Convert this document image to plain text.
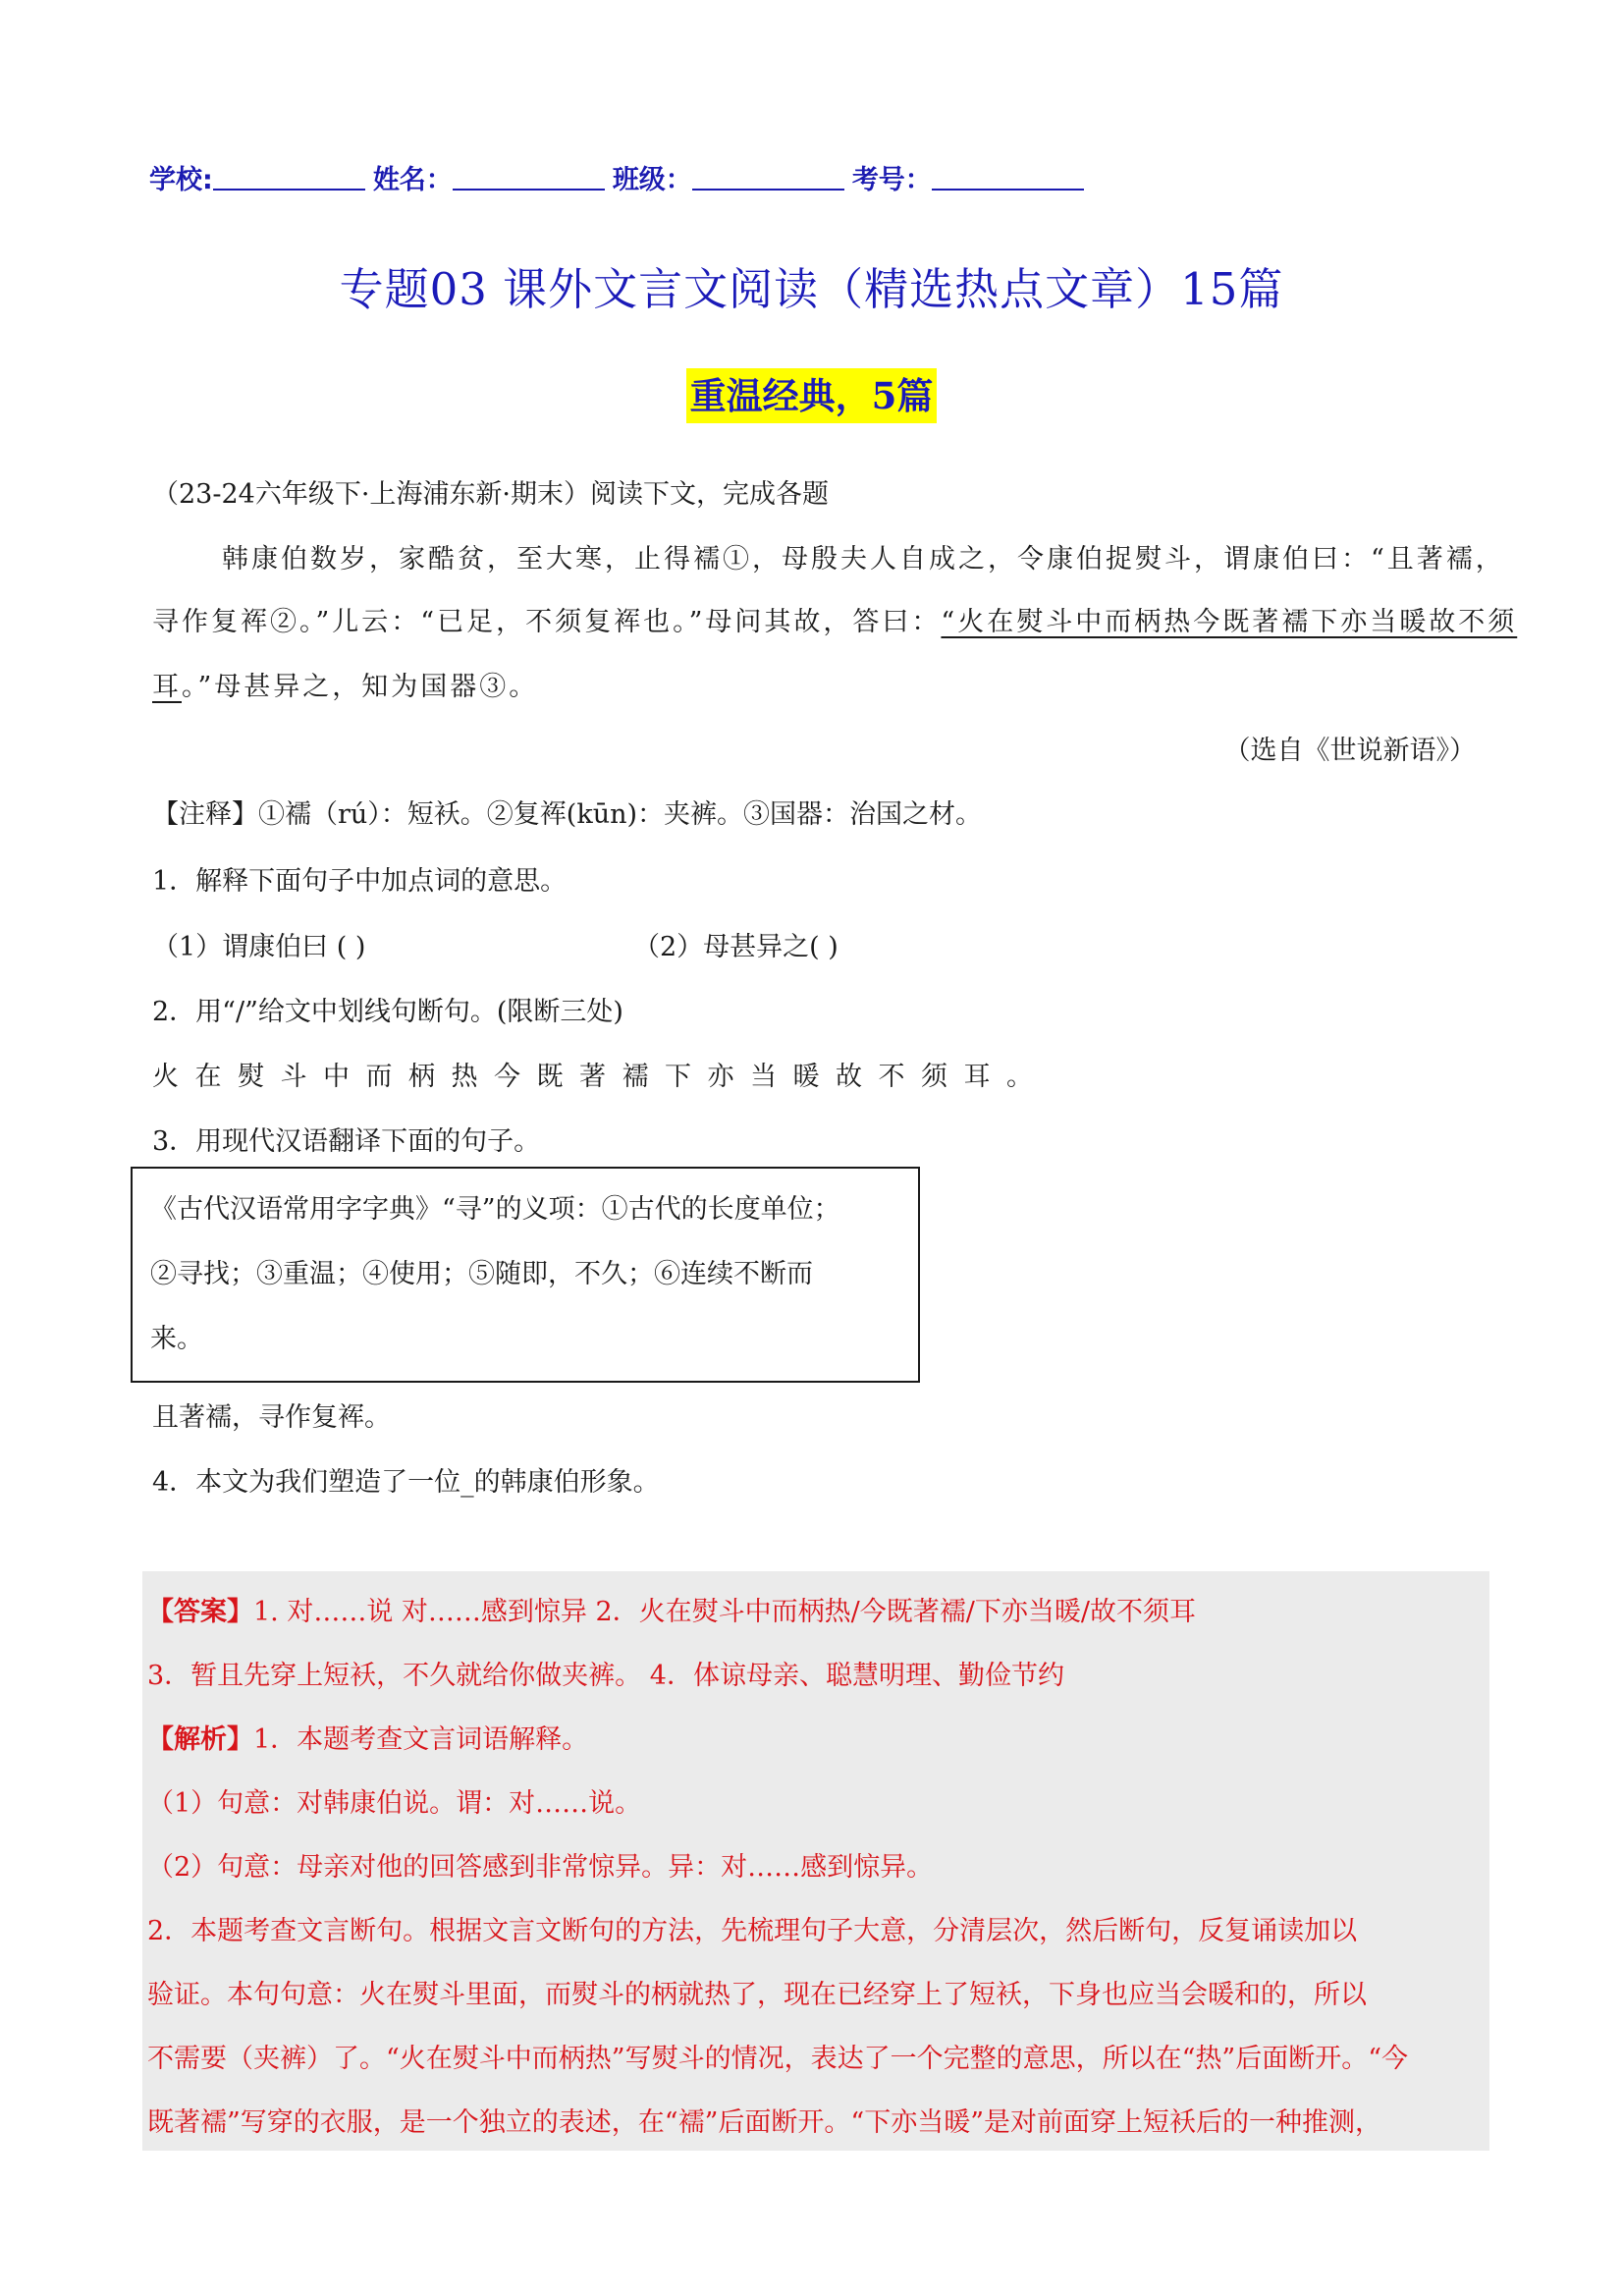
学校:	姓名：	班级：	考号：
专题03 课外文言文阅读（精选热点文章）15篇
重温经典，5篇
（23-24六年级下·上海浦东新·期末）阅读下文，完成各题
韩康伯数岁，家酷贫，至大寒，止得襦①，母殷夫人自成之，令康伯捉熨斗，谓康伯曰：“且著襦，
寻作复裈②。”儿云：“已足，不须复裈也。”母问其故，答曰：“火在熨斗中而柄热今既著襦下亦当暖故不须
耳。”母甚异之，知为国器③。
（选自《世说新语》）
【注释】①襦（rú）：短袄。②复裈(kūn)：夹裤。③国器：治国之材。
1．解释下面句子中加点词的意思。
（1）谓康伯曰 ( )	（2）母甚异之( )
2．用“/”给文中划线句断句。(限断三处)
火在熨斗中而柄热今既著襦下亦当暖故不须耳。
3．用现代汉语翻译下面的句子。
《古代汉语常用字字典》“寻”的义项：①古代的长度单位；
②寻找；③重温；④使用；⑤随即，不久；⑥连续不断而
来。
且著襦，寻作复裈。
4．本文为我们塑造了一位_的韩康伯形象。
【答案】1. 对……说 对……感到惊异 2．火在熨斗中而柄热/今既著襦/下亦当暖/故不须耳
3．暂且先穿上短袄，不久就给你做夹裤。 4．体谅母亲、聪慧明理、勤俭节约
【解析】1．本题考查文言词语解释。
（1）句意：对韩康伯说。谓：对……说。
（2）句意：母亲对他的回答感到非常惊异。异：对……感到惊异。
2．本题考查文言断句。根据文言文断句的方法，先梳理句子大意，分清层次，然后断句，反复诵读加以
验证。本句句意：火在熨斗里面，而熨斗的柄就热了，现在已经穿上了短袄，下身也应当会暖和的，所以
不需要（夹裤）了。“火在熨斗中而柄热”写熨斗的情况，表达了一个完整的意思，所以在“热”后面断开。“今
既著襦”写穿的衣服，是一个独立的表述，在“襦”后面断开。“下亦当暖”是对前面穿上短袄后的一种推测，
